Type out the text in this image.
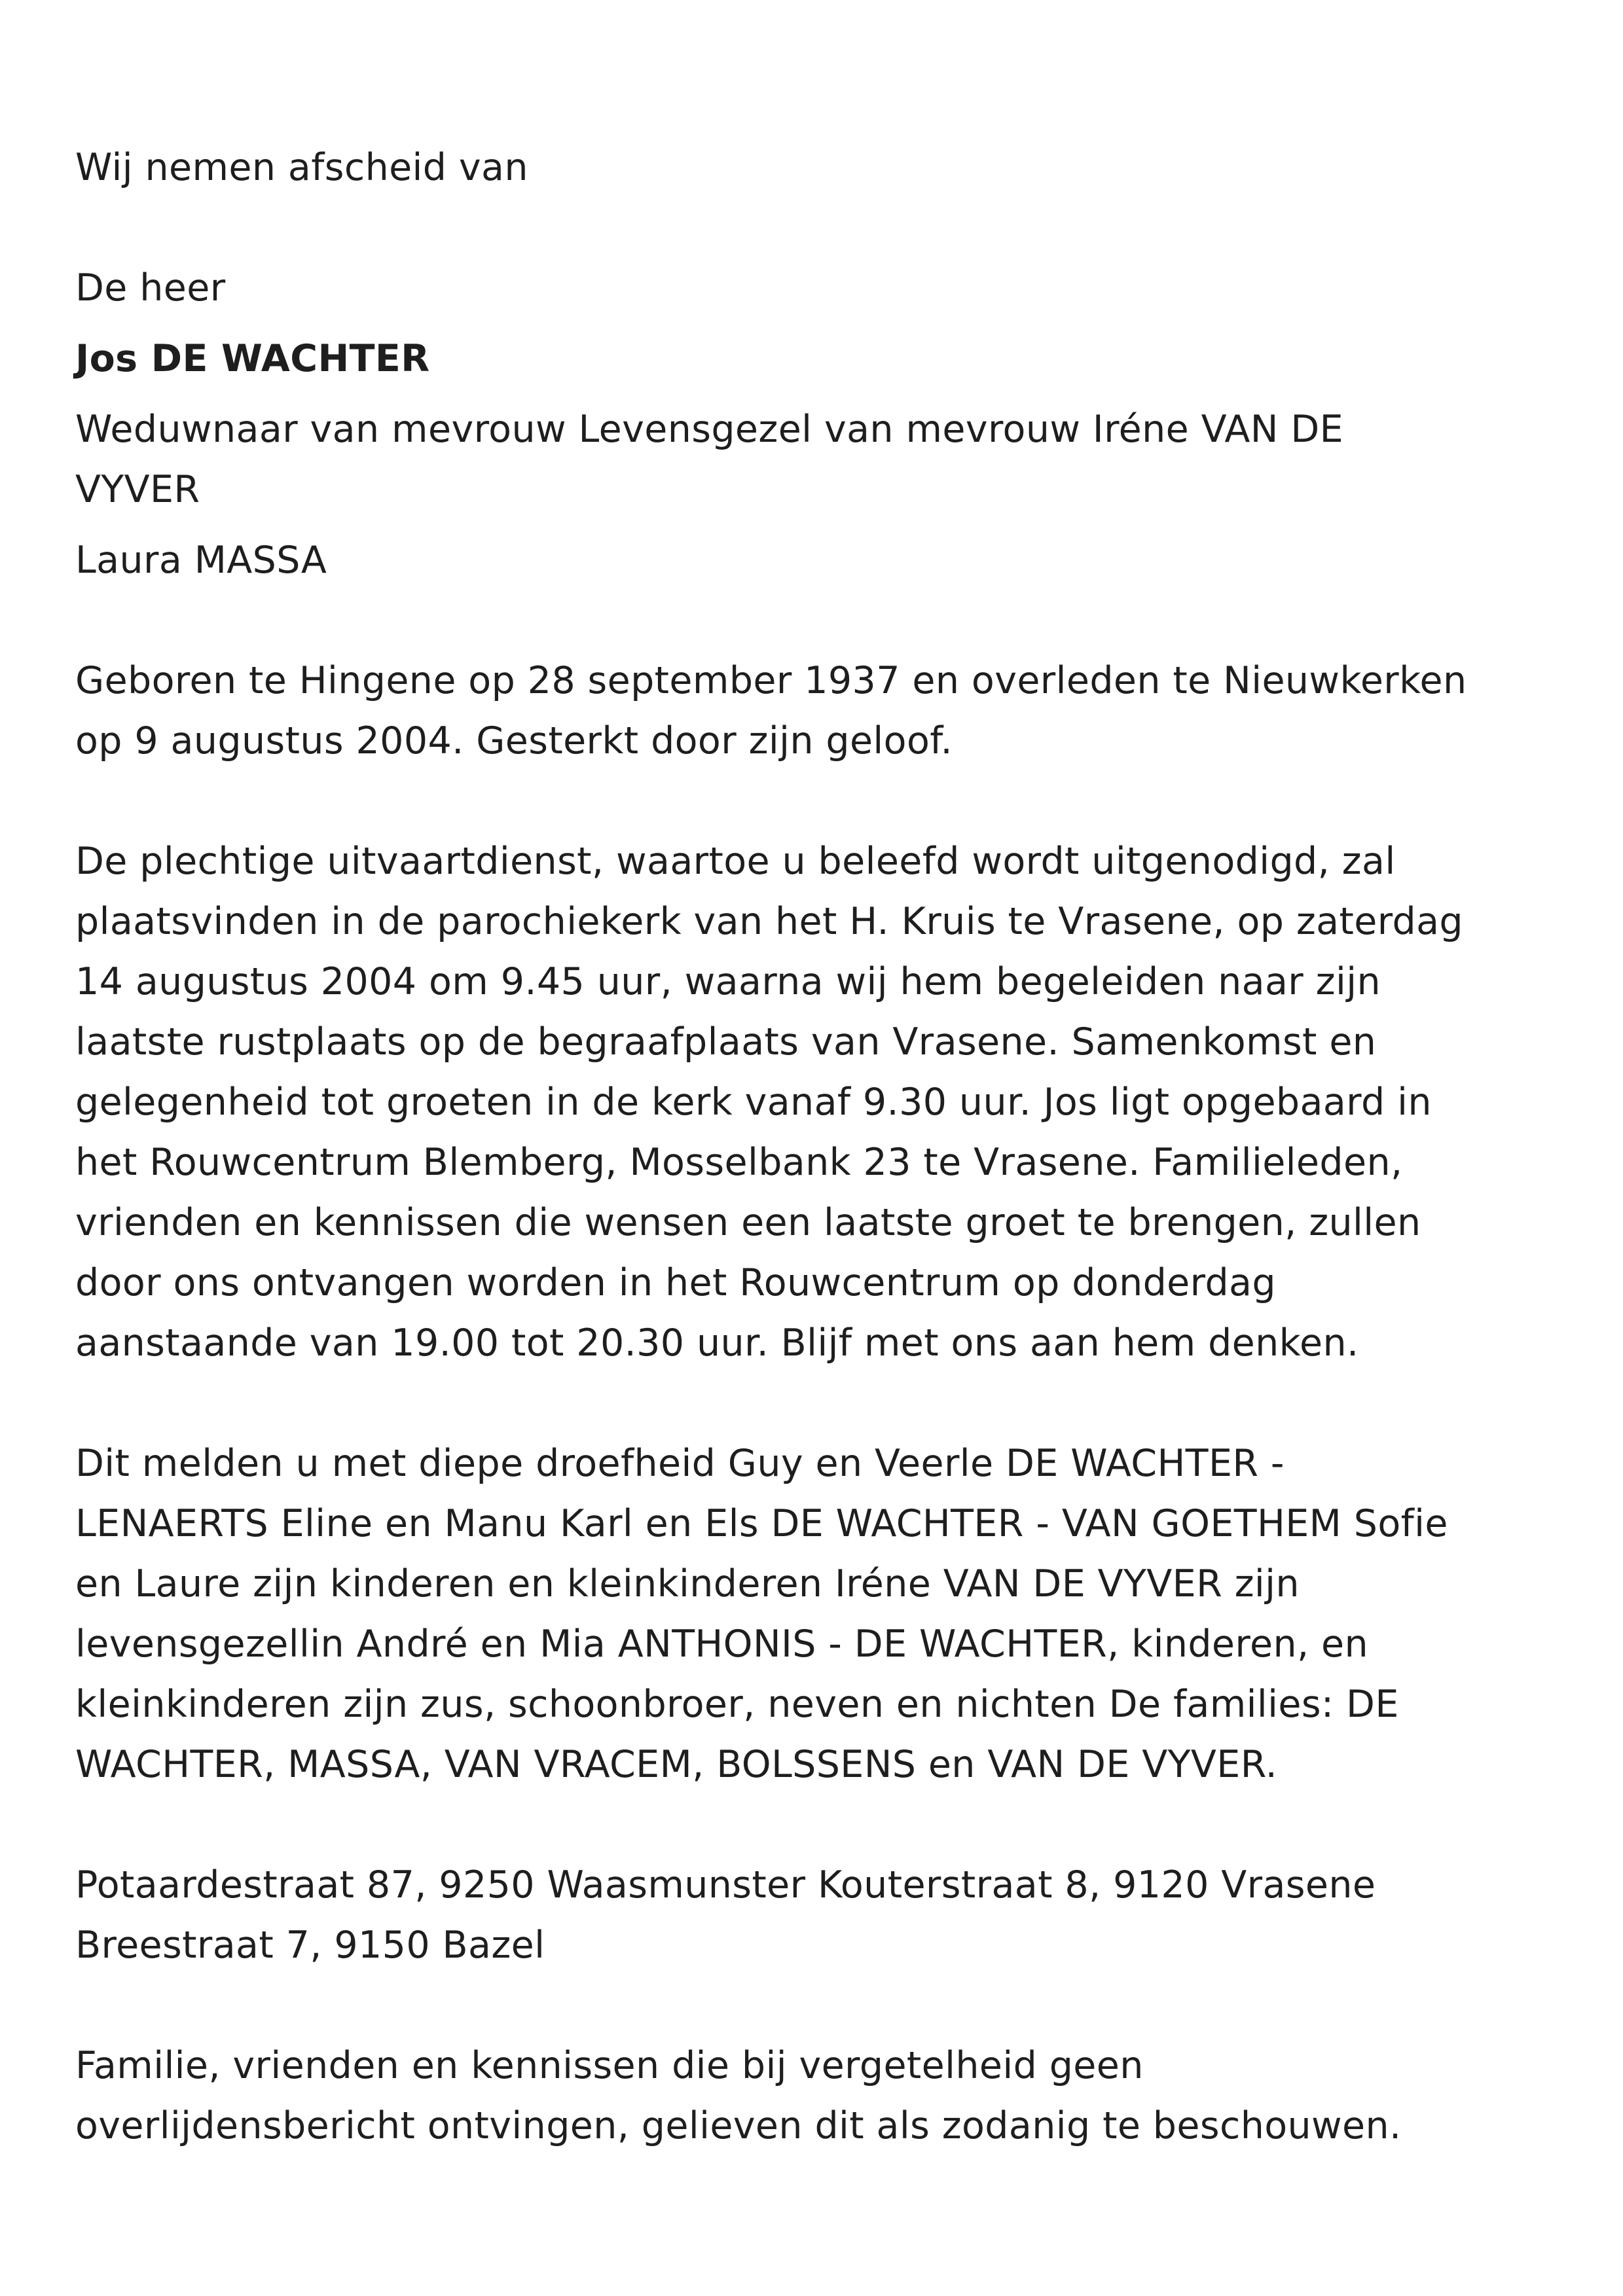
Wij nemen afscheid van
De heer
Jos DE WACHTER
Weduwnaar van mevrouw Levensgezel van mevrouw Iréne VAN DE
VYVER
Laura MASSA
Geboren te Hingene op 28 september 1937 en overleden te Nieuwkerken
op 9 augustus 2004. Gesterkt door zijn geloof.
De plechtige uitvaartdienst, waartoe u beleefd wordt uitgenodigd, zal
plaatsvinden in de parochiekerk van het H. Kruis te Vrasene, op zaterdag
14 augustus 2004 om 9.45 uur, waarna wij hem begeleiden naar zijn
laatste rustplaats op de begraafplaats van Vrasene. Samenkomst en
gelegenheid tot groeten in de kerk vanaf 9.30 uur. Jos ligt opgebaard in
het Rouwcentrum Blemberg, Mosselbank 23 te Vrasene. Familieleden,
vrienden en kennissen die wensen een laatste groet te brengen, zullen
door ons ontvangen worden in het Rouwcentrum op donderdag
aanstaande van 19.00 tot 20.30 uur. Blijf met ons aan hem denken.
Dit melden u met diepe droefheid Guy en Veerle DE WACHTER -
LENAERTS Eline en Manu Karl en Els DE WACHTER - VAN GOETHEM Sofie
en Laure zijn kinderen en kleinkinderen Iréne VAN DE VYVER zijn
levensgezellin André en Mia ANTHONIS - DE WACHTER, kinderen, en
kleinkinderen zijn zus, schoonbroer, neven en nichten De families: DE
WACHTER, MASSA, VAN VRACEM, BOLSSENS en VAN DE VYVER.
Potaardestraat 87, 9250 Waasmunster Kouterstraat 8, 9120 Vrasene
Breestraat 7, 9150 Bazel
Familie, vrienden en kennissen die bij vergetelheid geen
overlijdensbericht ontvingen, gelieven dit als zodanig te beschouwen.
